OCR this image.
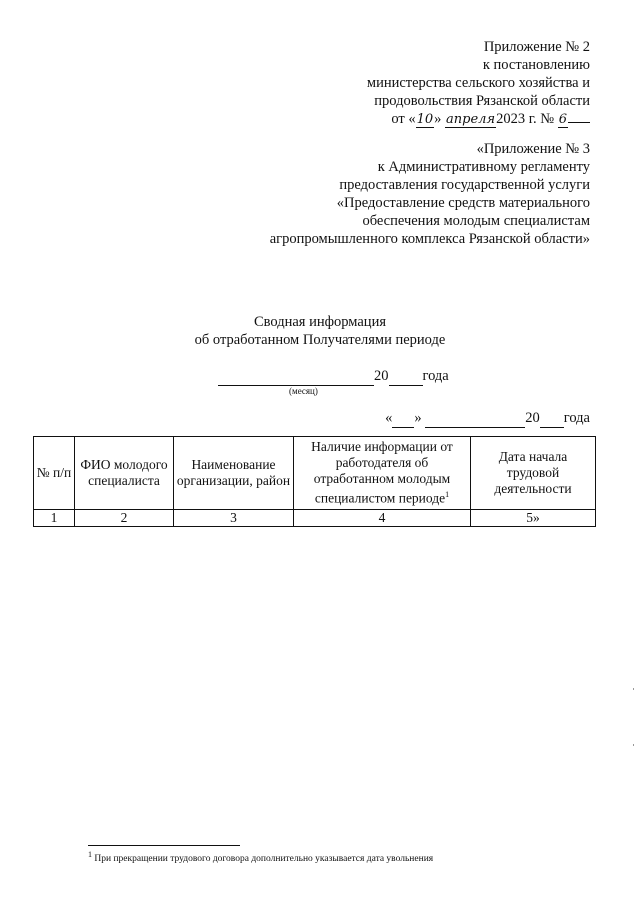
Приложение № 2
к постановлению
министерства сельского хозяйства и
продовольствия Рязанской области
от «10» апреля2023 г. № 6
«Приложение № 3
к Административному регламенту
предоставления государственной услуги
«Предоставление средств материального
обеспечения молодым специалистам
агропромышленного комплекса Рязанской области»
Сводная информация
об отработанном Получателями периоде
20 года
(месяц)
« »	20 года
№ п/п	ФИО молодого специалиста	Наименование организации, район	Наличие информации от работодателя об отработанном молодым специалистом периоде$^1$	Дата начала трудовой деятельности
1	2	3	4	5»
$^1$ При прекращении трудового договора дополнительно указывается дата увольнения
